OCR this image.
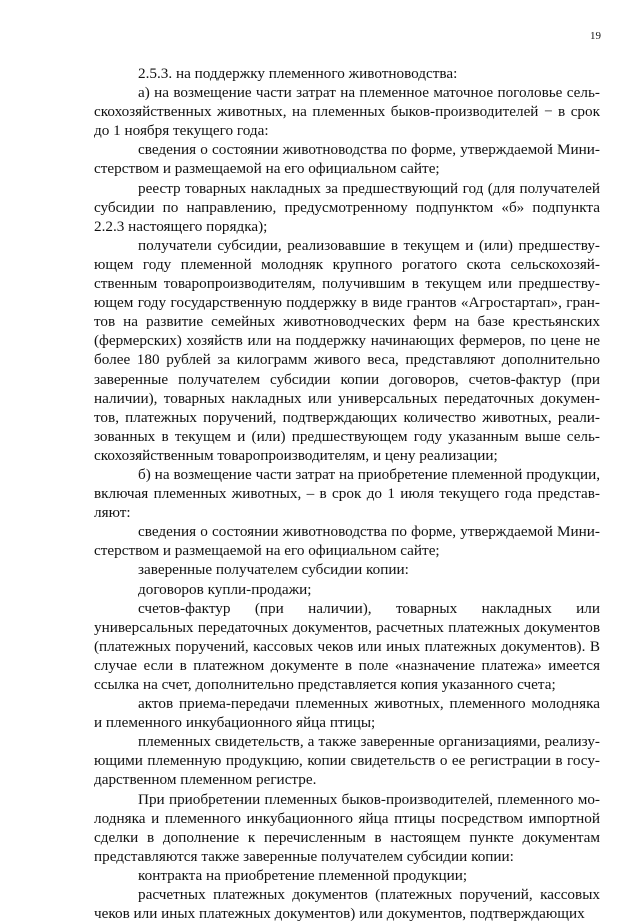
19

2.5.3. на поддержку племенного животноводства:

а) на возмещение части затрат на племенное маточное поголовье сель-скохозяйственных животных, на племенных быков-производителей − в срок до 1 ноября текущего года:

сведения о состоянии животноводства по форме, утверждаемой Мини-стерством и размещаемой на его официальном сайте;

реестр товарных накладных за предшествующий год (для получателей субсидии по направлению, предусмотренному подпунктом «б» подпункта 2.2.3 настоящего порядка);

получатели субсидии, реализовавшие в текущем и (или) предшеству-ющем году племенной молодняк крупного рогатого скота сельскохозяй-ственным товаропроизводителям, получившим в текущем или предшеству-ющем году государственную поддержку в виде грантов «Агростартап», гран-тов на развитие семейных животноводческих ферм на базе крестьянских (фермерских) хозяйств или на поддержку начинающих фермеров, по цене не более 180 рублей за килограмм живого веса, представляют дополнительно заверенные получателем субсидии копии договоров, счетов-фактур (при наличии), товарных накладных или универсальных передаточных докумен-тов, платежных поручений, подтверждающих количество животных, реали-зованных в текущем и (или) предшествующем году указанным выше сель-скохозяйственным товаропроизводителям, и цену реализации;

б) на возмещение части затрат на приобретение племенной продукции, включая племенных животных, – в срок до 1 июля текущего года представ-ляют:

сведения о состоянии животноводства по форме, утверждаемой Мини-стерством и размещаемой на его официальном сайте;

заверенные получателем субсидии копии:

договоров купли-продажи;

счетов-фактур (при наличии), товарных накладных или универсальных передаточных документов, расчетных платежных документов (платежных поручений, кассовых чеков или иных платежных документов). В случае если в платежном документе в поле «назначение платежа» имеется ссылка на счет, дополнительно представляется копия указанного счета;

актов приема-передачи племенных животных, племенного молодняка и племенного инкубационного яйца птицы;

племенных свидетельств, а также заверенные организациями, реализу-ющими племенную продукцию, копии свидетельств о ее регистрации в госу-дарственном племенном регистре.

При приобретении племенных быков-производителей, племенного мо-лодняка и племенного инкубационного яйца птицы посредством импортной сделки в дополнение к перечисленным в настоящем пункте документам представляются также заверенные получателем субсидии копии:

контракта на приобретение племенной продукции;

расчетных платежных документов (платежных поручений, кассовых чеков или иных платежных документов) или документов, подтверждающих
